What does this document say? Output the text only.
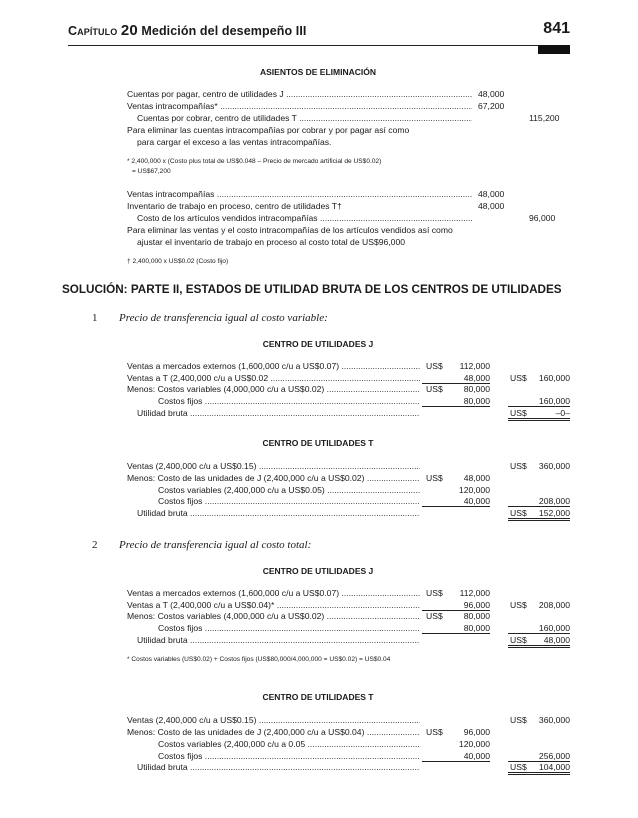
Capítulo 20 Medición del desempeño III	841
ASIENTOS DE ELIMINACIÓN
Cuentas por pagar, centro de utilidades J .....	48,000
Ventas intracompañías* .....	67,200
Cuentas por cobrar, centro de utilidades T .....	115,200
Para eliminar las cuentas intracompañías por cobrar y por pagar así como
para cargar el exceso a las ventas intracompañías.
* 2,400,000 x (Costo plus total de US$0.048 – Precio de mercado artificial de US$0.02)
= US$67,200
Ventas intracompañías .....	48,000
Inventario de trabajo en proceso, centro de utilidades T†	48,000
Costo de los artículos vendidos intracompañías .....	96,000
Para eliminar las ventas y el costo intracompañías de los artículos vendidos así como
ajustar el inventario de trabajo en proceso al costo total de US$96,000
† 2,400,000 x US$0.02 (Costo fijo)
SOLUCIÓN: PARTE II, ESTADOS DE UTILIDAD BRUTA DE LOS CENTROS DE UTILIDADES
1 Precio de transferencia igual al costo variable:
CENTRO DE UTILIDADES J
Ventas a mercados externos (1,600,000 c/u a US$0.07) .....	US$	112,000
Ventas a T (2,400,000 c/u a US$0.02 .....	48,000 US$	160,000
Menos: Costos variables (4,000,000 c/u a US$0.02) .....	US$	80,000
Costos fijos .....	80,000	160,000
Utilidad bruta .....	US$	–0–
CENTRO DE UTILIDADES T
Ventas (2,400,000 c/u a US$0.15) .....	US$	360,000
Menos: Costo de las unidades de J (2,400,000 c/u a US$0.02) .....	US$	48,000
Costos variables (2,400,000 c/u a US$0.05) .....	120,000
Costos fijos .....	40,000	208,000
Utilidad bruta .....	US$	152,000
2 Precio de transferencia igual al costo total:
CENTRO DE UTILIDADES J
Ventas a mercados externos (1,600,000 c/u a US$0.07) .....	US$	112,000
Ventas a T (2,400,000 c/u a US$0.04)* .....	96,000 US$	208,000
Menos: Costos variables (4,000,000 c/u a US$0.02) .....	US$	80,000
Costos fijos .....	80,000	160,000
Utilidad bruta .....	US$	48,000
* Costos variables (US$0.02) + Costos fijos (US$80,000/4,000,000 = US$0.02) = US$0.04
CENTRO DE UTILIDADES T
Ventas (2,400,000 c/u a US$0.15) .....	US$	360,000
Menos: Costo de las unidades de J (2,400,000 c/u a US$0.04) .....	US$	96,000
Costos variables (2,400,000 c/u a 0.05 .....	120,000
Costos fijos .....	40,000	256,000
Utilidad bruta .....	US$	104,000
